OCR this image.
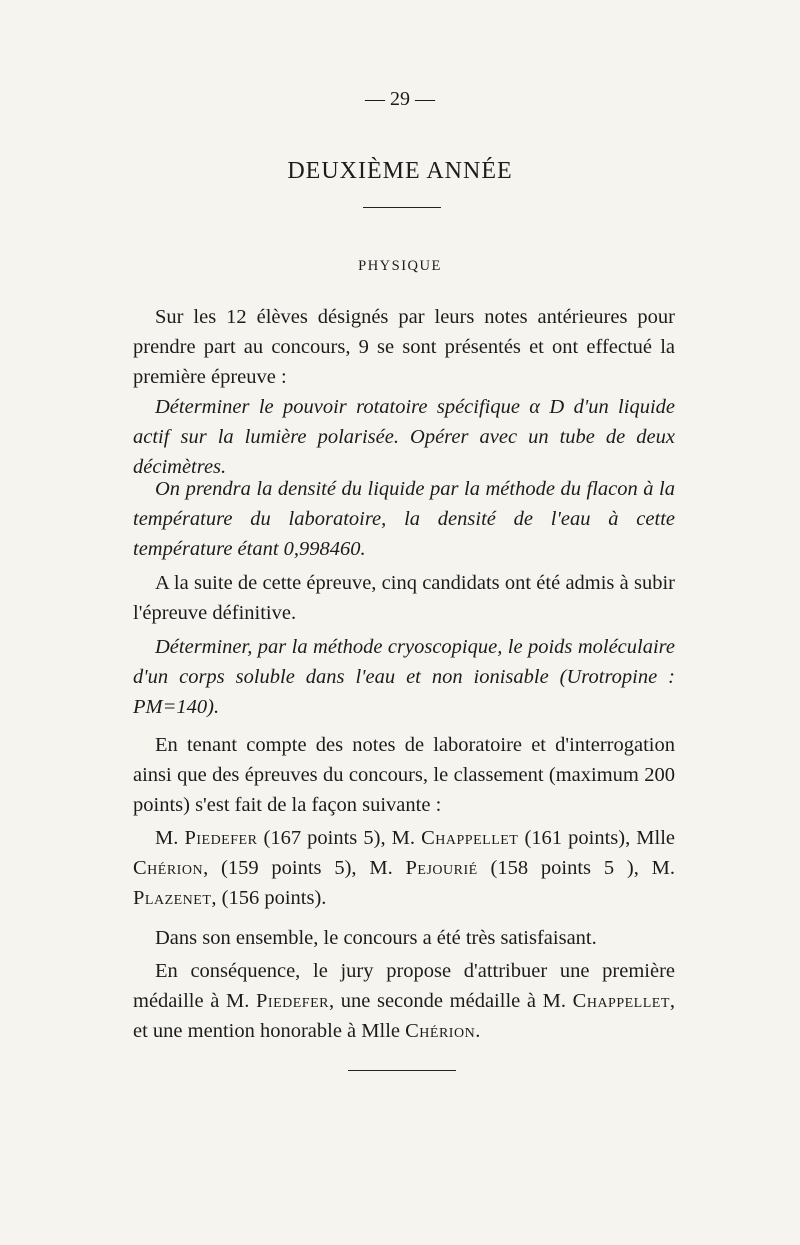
— 29 —
DEUXIÈME ANNÉE
PHYSIQUE

Sur les 12 élèves désignés par leurs notes antérieures pour prendre part au concours, 9 se sont présentés et ont effectué la première épreuve :

Déterminer le pouvoir rotatoire spécifique α D d'un liquide actif sur la lumière polarisée. Opérer avec un tube de deux décimètres.

On prendra la densité du liquide par la méthode du flacon à la température du laboratoire, la densité de l'eau à cette température étant 0,998460.

A la suite de cette épreuve, cinq candidats ont été admis à subir l'épreuve définitive.

Déterminer, par la méthode cryoscopique, le poids moléculaire d'un corps soluble dans l'eau et non ionisable (Urotropine : PM=140).

En tenant compte des notes de laboratoire et d'interrogation ainsi que des épreuves du concours, le classement (maximum 200 points) s'est fait de la façon suivante :

M. Piedefer (167 points 5), M. Chappellet (161 points), Mlle Chérion, (159 points 5), M. Pejourié (158 points 5 ), M. Plazenet, (156 points).

Dans son ensemble, le concours a été très satisfaisant.

En conséquence, le jury propose d'attribuer une première médaille à M. Piedefer, une seconde médaille à M. Chappellet, et une mention honorable à Mlle Chérion.
